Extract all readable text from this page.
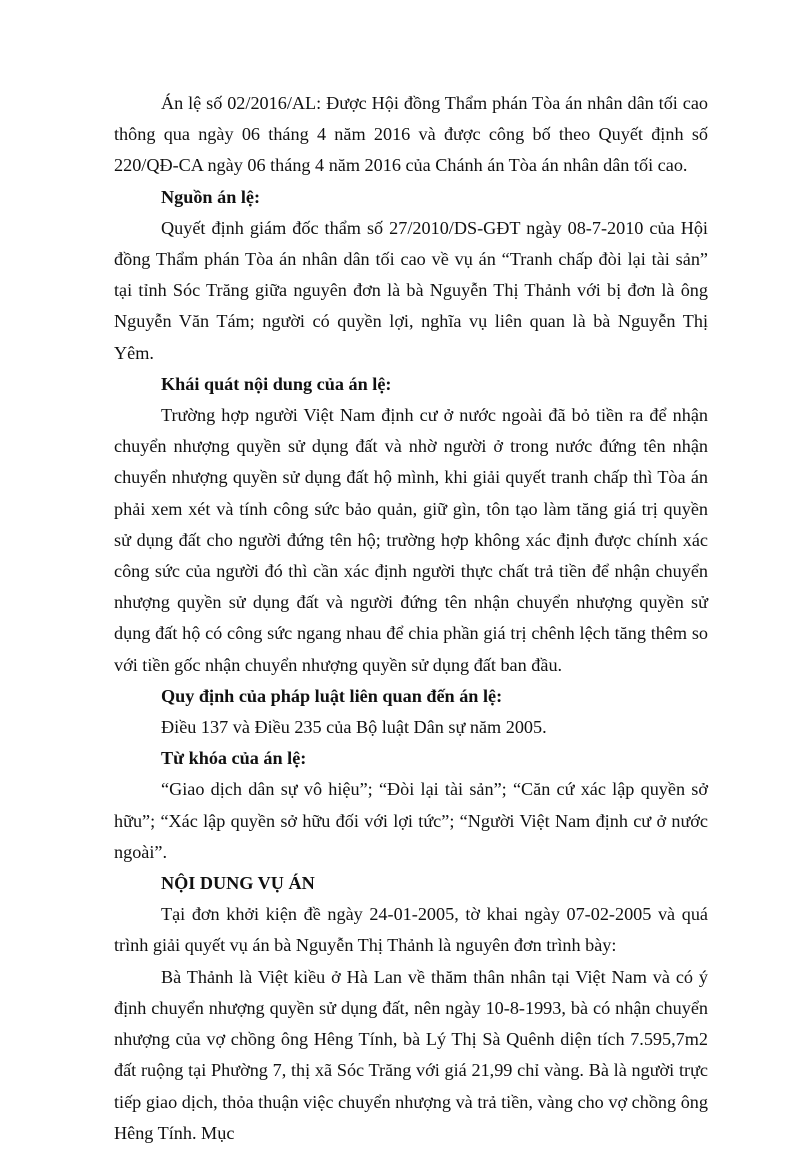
Án lệ số 02/2016/AL: Được Hội đồng Thẩm phán Tòa án nhân dân tối cao thông qua ngày 06 tháng 4 năm 2016 và được công bố theo Quyết định số 220/QĐ-CA ngày 06 tháng 4 năm 2016 của Chánh án Tòa án nhân dân tối cao.

Nguồn án lệ:

Quyết định giám đốc thẩm số 27/2010/DS-GĐT ngày 08-7-2010 của Hội đồng Thẩm phán Tòa án nhân dân tối cao về vụ án “Tranh chấp đòi lại tài sản” tại tỉnh Sóc Trăng giữa nguyên đơn là bà Nguyễn Thị Thảnh với bị đơn là ông Nguyễn Văn Tám; người có quyền lợi, nghĩa vụ liên quan là bà Nguyễn Thị Yêm.

Khái quát nội dung của án lệ:

Trường hợp người Việt Nam định cư ở nước ngoài đã bỏ tiền ra để nhận chuyển nhượng quyền sử dụng đất và nhờ người ở trong nước đứng tên nhận chuyển nhượng quyền sử dụng đất hộ mình, khi giải quyết tranh chấp thì Tòa án phải xem xét và tính công sức bảo quản, giữ gìn, tôn tạo làm tăng giá trị quyền sử dụng đất cho người đứng tên hộ; trường hợp không xác định được chính xác công sức của người đó thì cần xác định người thực chất trả tiền để nhận chuyển nhượng quyền sử dụng đất và người đứng tên nhận chuyển nhượng quyền sử dụng đất hộ có công sức ngang nhau để chia phần giá trị chênh lệch tăng thêm so với tiền gốc nhận chuyển nhượng quyền sử dụng đất ban đầu.

Quy định của pháp luật liên quan đến án lệ:

Điều 137 và Điều 235 của Bộ luật Dân sự năm 2005.

Từ khóa của án lệ:

“Giao dịch dân sự vô hiệu”; “Đòi lại tài sản”; “Căn cứ xác lập quyền sở hữu”; “Xác lập quyền sở hữu đối với lợi tức”; “Người Việt Nam định cư ở nước ngoài”.

NỘI DUNG VỤ ÁN

Tại đơn khởi kiện đề ngày 24-01-2005, tờ khai ngày 07-02-2005 và quá trình giải quyết vụ án bà Nguyễn Thị Thảnh là nguyên đơn trình bày:

Bà Thảnh là Việt kiều ở Hà Lan về thăm thân nhân tại Việt Nam và có ý định chuyển nhượng quyền sử dụng đất, nên ngày 10-8-1993, bà có nhận chuyển nhượng của vợ chồng ông Hêng Tính, bà Lý Thị Sà Quênh diện tích 7.595,7m2 đất ruộng tại Phường 7, thị xã Sóc Trăng với giá 21,99 chỉ vàng. Bà là người trực tiếp giao dịch, thỏa thuận việc chuyển nhượng và trả tiền, vàng cho vợ chồng ông Hêng Tính. Mục
